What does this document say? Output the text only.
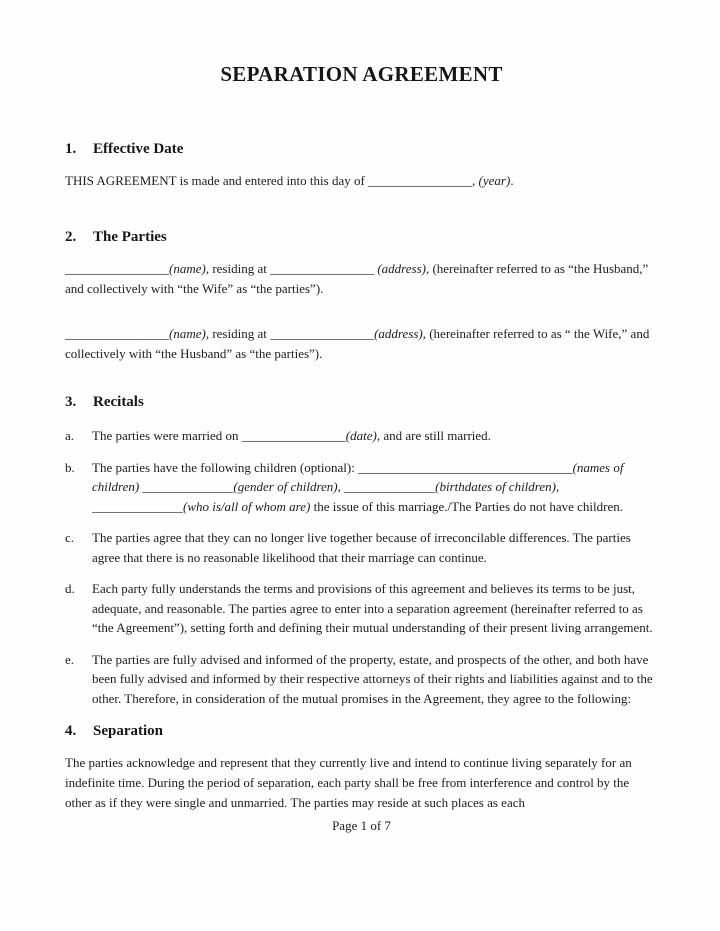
SEPARATION AGREEMENT
1.	Effective Date

THIS AGREEMENT is made and entered into this day of ________________, (year).

2.	The Parties

________________(name), residing at ________________ (address), (hereinafter referred to as “the Husband,” and collectively with “the Wife” as “the parties”).

________________(name), residing at ________________(address), (hereinafter referred to as “ the Wife,” and collectively with “the Husband” as “the parties”).

3.	Recitals
a.	The parties were married on ________________(date), and are still married.
b.	The parties have the following children (optional): _________________________________(names of children) ______________(gender of children), ______________(birthdates of children), ______________(who is/all of whom are) the issue of this marriage./The Parties do not have children.
c.	The parties agree that they can no longer live together because of irreconcilable differences. The parties agree that there is no reasonable likelihood that their marriage can continue.
d.	Each party fully understands the terms and provisions of this agreement and believes its terms to be just, adequate, and reasonable. The parties agree to enter into a separation agreement (hereinafter referred to as “the Agreement”), setting forth and defining their mutual understanding of their present living arrangement.
e.	The parties are fully advised and informed of the property, estate, and prospects of the other, and both have been fully advised and informed by their respective attorneys of their rights and liabilities against and to the other. Therefore, in consideration of the mutual promises in the Agreement, they agree to the following:
4.	Separation

The parties acknowledge and represent that they currently live and intend to continue living separately for an indefinite time. During the period of separation, each party shall be free from interference and control by the other as if they were single and unmarried. The parties may reside at such places as each

Page 1 of 7
